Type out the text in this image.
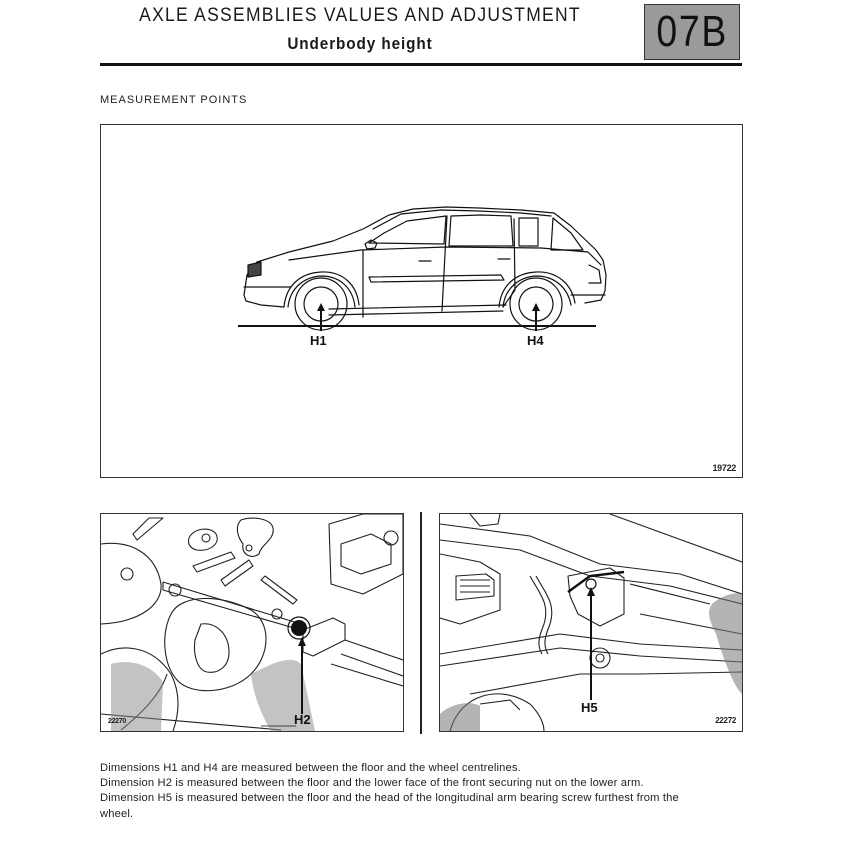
AXLE ASSEMBLIES VALUES AND ADJUSTMENT
Underbody height	07B
MEASUREMENT POINTS
H1	H4
19722
H2
22270
H5
22272

Dimensions H1 and H4 are measured between the floor and the wheel centrelines.

Dimension H2 is measured between the floor and the lower face of the front securing nut on the lower arm.

Dimension H5 is measured between the floor and the head of the longitudinal arm bearing screw furthest from the

wheel.
